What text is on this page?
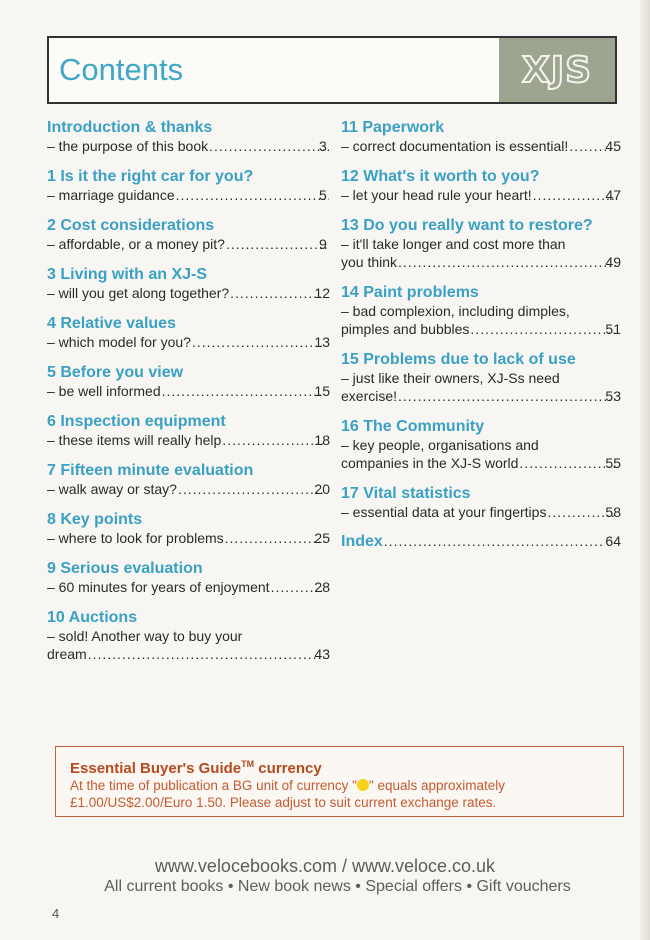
Contents	XJS
Introduction & thanks
– the purpose of this book .....	3
1 Is it the right car for you?
– marriage guidance .....	5
2 Cost considerations
– affordable, or a money pit? .....	9
3 Living with an XJ-S
– will you get along together? .....	12
4 Relative values
– which model for you? .....	13
5 Before you view
– be well informed .....	15
6 Inspection equipment
– these items will really help .....	18
7 Fifteen minute evaluation
– walk away or stay? .....	20
8 Key points
– where to look for problems .....	25
9 Serious evaluation
– 60 minutes for years of enjoyment .....	28
10 Auctions
– sold! Another way to buy your
dream .....	43
11 Paperwork
– correct documentation is essential! .....	45
12 What's it worth to you?
– let your head rule your heart! .....	47
13 Do you really want to restore?
– it'll take longer and cost more than
you think .....	49
14 Paint problems
– bad complexion, including dimples,
pimples and bubbles .....	51
15 Problems due to lack of use
– just like their owners, XJ-Ss need
exercise! .....	53
16 The Community
– key people, organisations and
companies in the XJ-S world .....	55
17 Vital statistics
– essential data at your fingertips .....	58
Index .....	64
Essential Buyer's Guide™ currency
At the time of publication a BG unit of currency " " equals approximately
£1.00/US$2.00/Euro 1.50. Please adjust to suit current exchange rates.
www.velocebooks.com / www.veloce.co.uk
All current books • New book news • Special offers • Gift vouchers
4
